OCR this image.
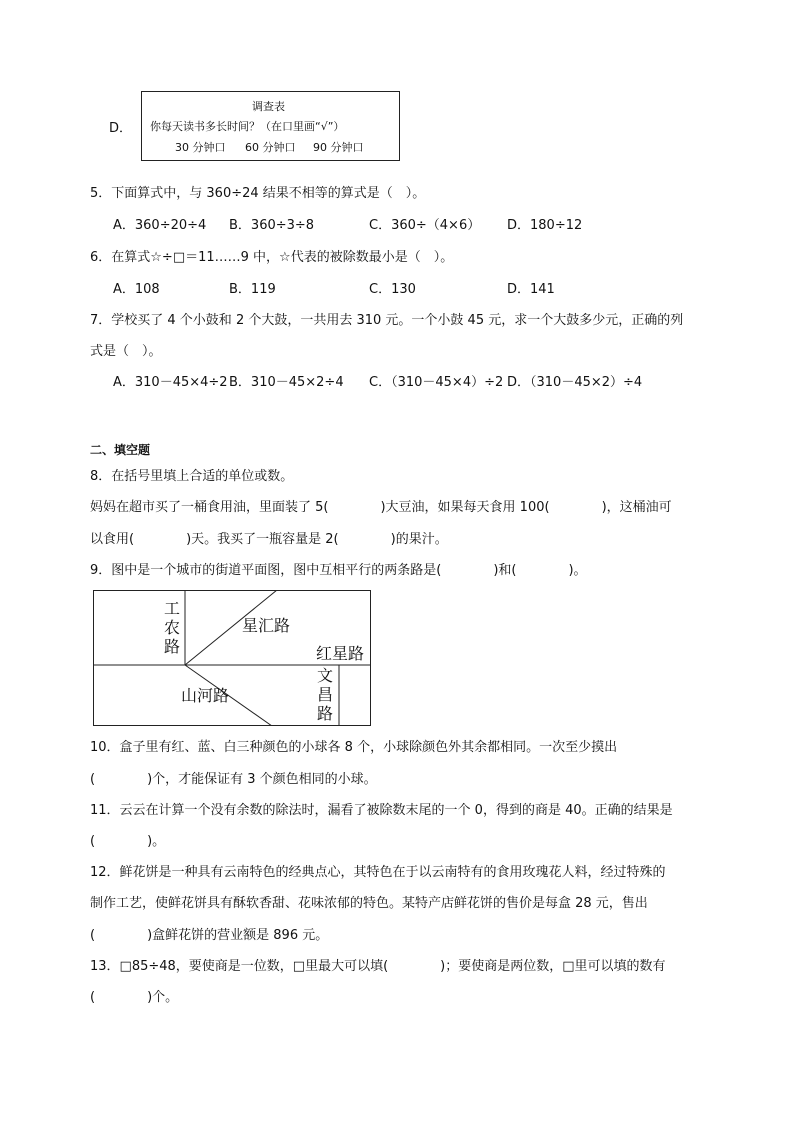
D．
调查表
你每天读书多长时间？（在口里画“√”）
30 分钟口 60 分钟口 90 分钟口
5．下面算式中，与 360÷24 结果不相等的算式是（　）。
A．360÷20÷4 B．360÷3÷8	C．360÷（4×6） D．180÷12
6．在算式☆÷□＝11……9 中，☆代表的被除数最小是（　）。
A．108	B．119	C．130	D．141
7．学校买了 4 个小鼓和 2 个大鼓，一共用去 310 元。一个小鼓 45 元，求一个大鼓多少元，正确的列
式是（　）。
A．310－45×4÷2 B．310－45×2÷4 C．（310－45×4）÷2 D．（310－45×2）÷4
二、填空题
8．在括号里填上合适的单位或数。
妈妈在超市买了一桶食用油，里面装了 5(　　　　)大豆油，如果每天食用 100(　　　　)，这桶油可
以食用(　　　　)天。我买了一瓶容量是 2(　　　　)的果汁。
9．图中是一个城市的街道平面图，图中互相平行的两条路是(　　　　)和(　　　　)。
工
农
路
星汇路
红星路
山河路
文
昌
路
10．盒子里有红、蓝、白三种颜色的小球各 8 个，小球除颜色外其余都相同。一次至少摸出
(　　　　)个，才能保证有 3 个颜色相同的小球。
11．云云在计算一个没有余数的除法时，漏看了被除数末尾的一个 0，得到的商是 40。正确的结果是
(　　　　)。
12．鲜花饼是一种具有云南特色的经典点心，其特色在于以云南特有的食用玫瑰花人料，经过特殊的
制作工艺，使鲜花饼具有酥软香甜、花味浓郁的特色。某特产店鲜花饼的售价是每盒 28 元，售出
(　　　　)盒鲜花饼的营业额是 896 元。
13．□85÷48，要使商是一位数，□里最大可以填(　　　　)；要使商是两位数，□里可以填的数有
(　　　　)个。
